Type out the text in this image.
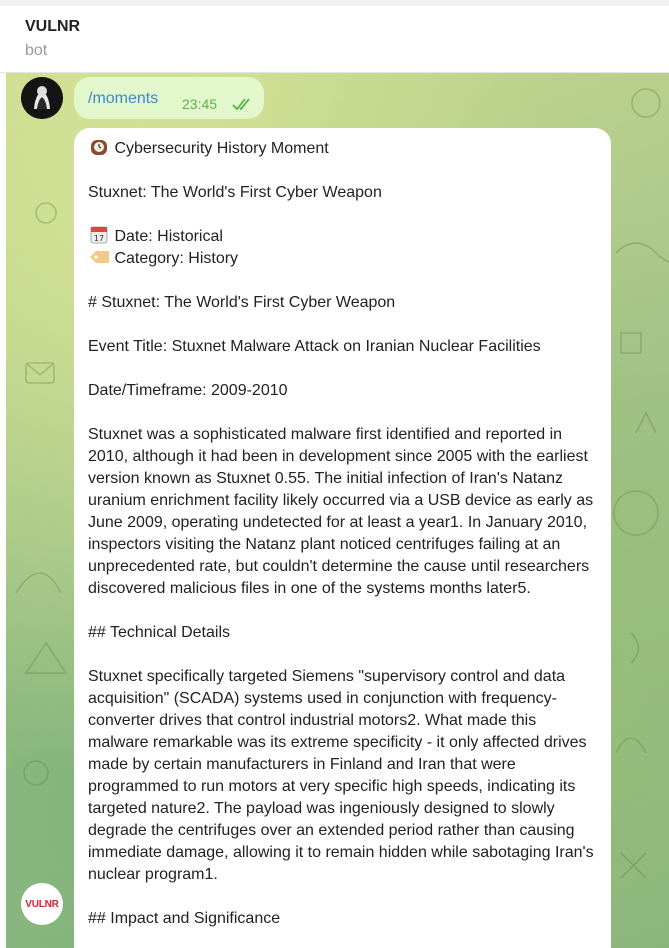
VULNR
bot
/moments 23:45

Cybersecurity History Moment

Stuxnet: The World's First Cyber Weapon

17 Date: Historical

Category: History

# Stuxnet: The World's First Cyber Weapon

Event Title: Stuxnet Malware Attack on Iranian Nuclear Facilities

Date/Timeframe: 2009-2010

Stuxnet was a sophisticated malware first identified and reported in 2010, although it had been in development since 2005 with the earliest version known as Stuxnet 0.55. The initial infection of Iran's Natanz uranium enrichment facility likely occurred via a USB device as early as June 2009, operating undetected for at least a year1. In January 2010, inspectors visiting the Natanz plant noticed centrifuges failing at an unprecedented rate, but couldn't determine the cause until researchers discovered malicious files in one of the systems months later5.

## Technical Details

Stuxnet specifically targeted Siemens "supervisory control and data acquisition" (SCADA) systems used in conjunction with frequency-converter drives that control industrial motors2. What made this malware remarkable was its extreme specificity - it only affected drives made by certain manufacturers in Finland and Iran that were programmed to run motors at very specific high speeds, indicating its targeted nature2. The payload was ingeniously designed to slowly degrade the centrifuges over an extended period rather than causing immediate damage, allowing it to remain hidden while sabotaging Iran's nuclear program1.

## Impact and Significance

VULNR
